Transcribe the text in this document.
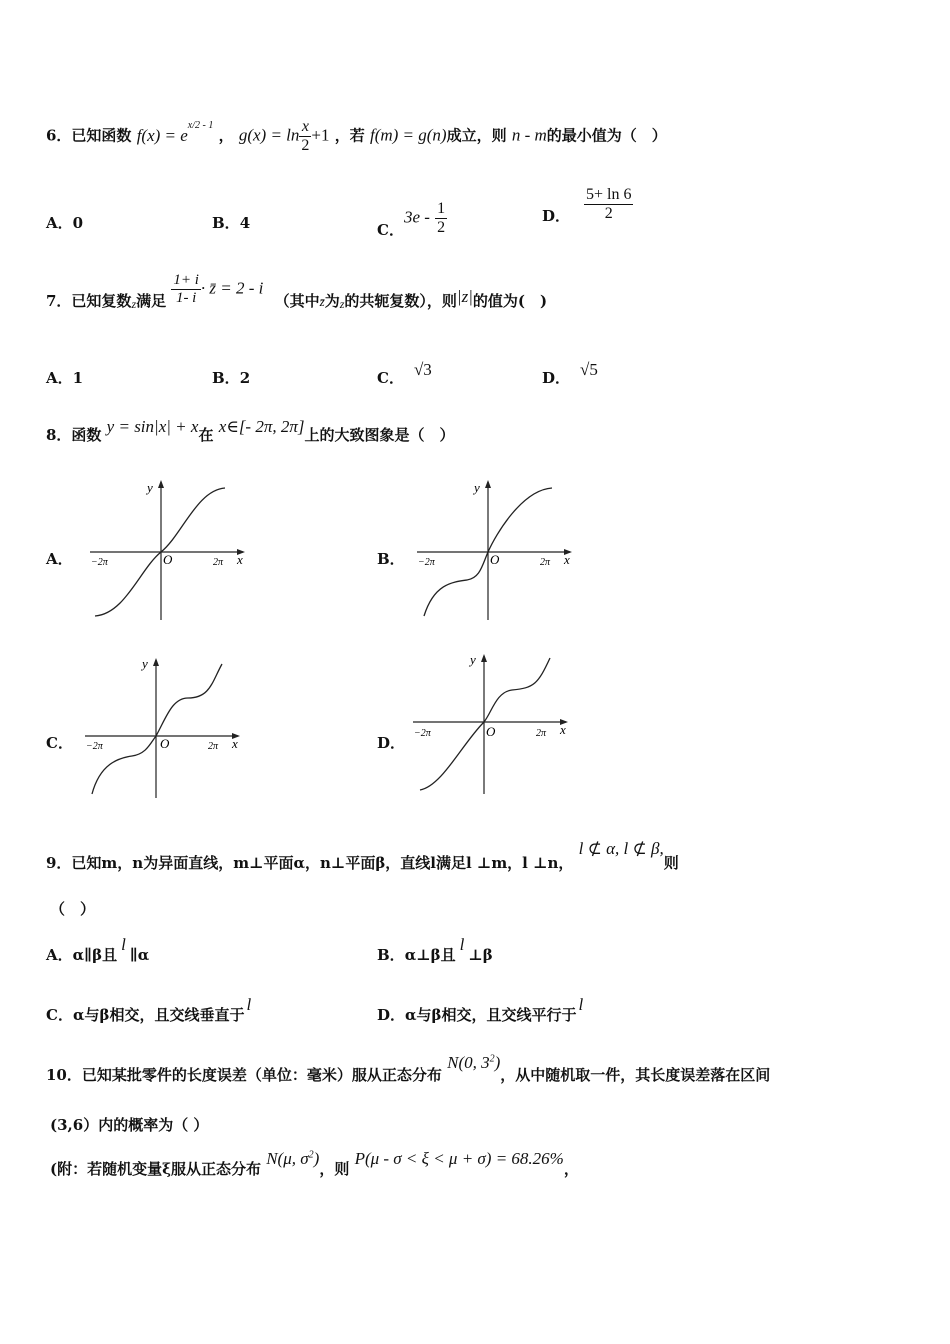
6．已知函数 $f(x) = e^{x/2 - 1}$ ， $g(x) = \ln \frac{x}{2} +1$ ，若 f(m) = g(n)成立，则 n - m的最小值为（　）
A．0	B．4	C．$3e - \frac{1}{2}$	D． $\frac{5+ \ln 6}{2}$
7．已知复数$_z$满足 $\frac{1+ i}{1- i}$ · z̄ = 2 - i （其中z̄为$_z$的共轭复数），则|z|的值为(　)
A．1	B．2	C． √3	D． √5
8．函数 y = sin|x| + x在 x∈[- 2π, 2π]上的大致图象是（　）
A．	B．
C．	D．
y
x
O
−2π	2π
y
x
O
−2π	2π
y
x
O
−2π	2π
y
x
O
−2π	2π
9．已知m，n为异面直线，m⊥平面α，n⊥平面β，直线l满足l ⊥m，l ⊥n， l ⊄ α, l ⊄ β,则
（　）
A．α∥β且l∥α	B．α⊥β且l⊥β
C．α与β相交，且交线垂直于l
D．α与β相交，且交线平行于l
10．已知某批零件的长度误差（单位：毫米）服从正态分布 N(0, $3^2$)，从中随机取一件，其长度误差落在区间
(3,6）内的概率为（ ）
(附：若随机变量ξ服从正态分布 N(μ, $\sigma^2$)，则 P(μ - σ < ξ < μ + σ) = 68.26%，
